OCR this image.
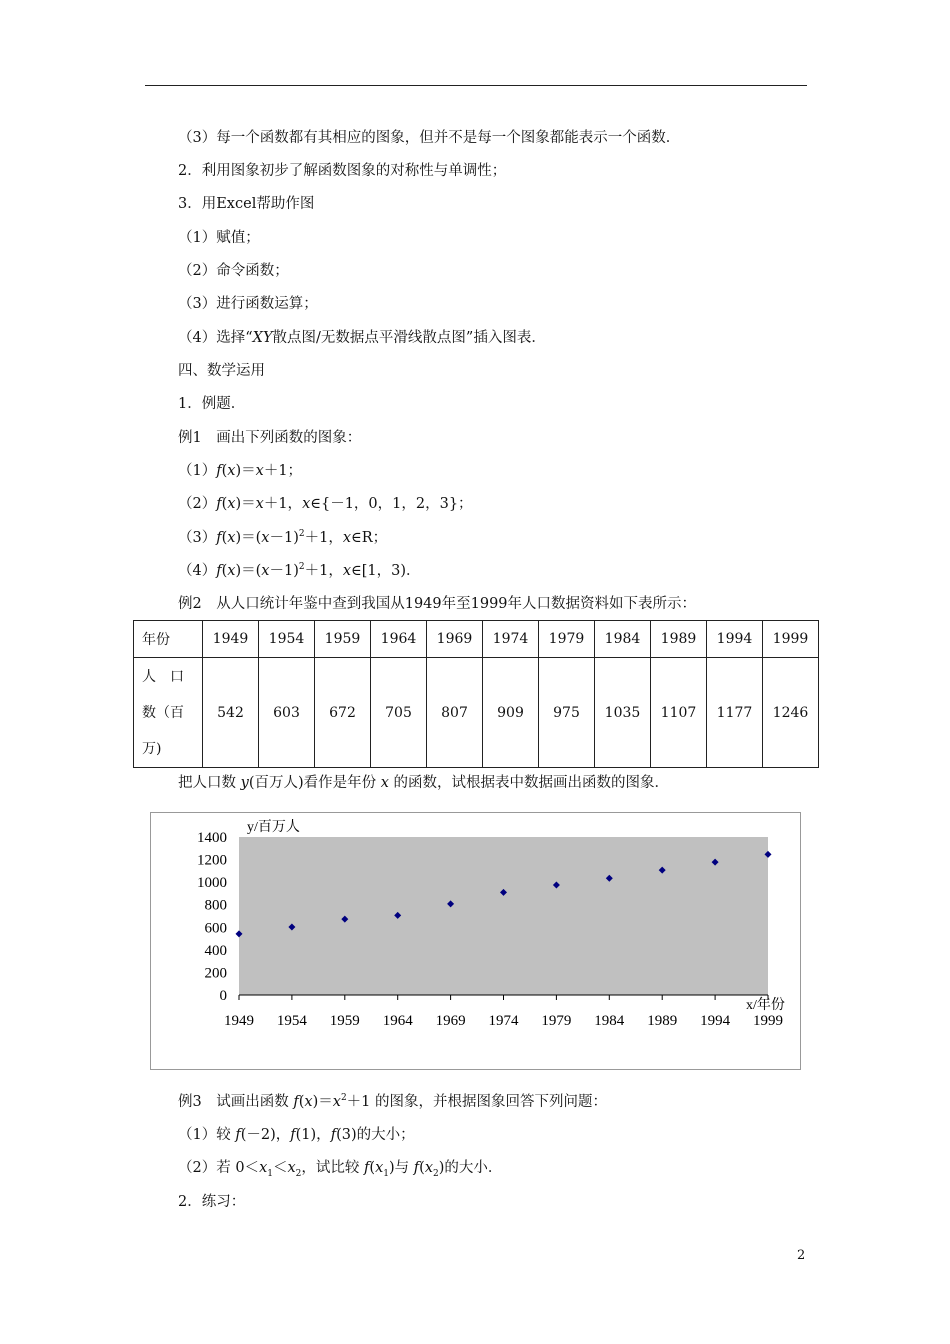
（3）每一个函数都有其相应的图象，但并不是每一个图象都能表示一个函数．
2．利用图象初步了解函数图象的对称性与单调性；
3．用Excel帮助作图
（1）赋值；
（2）命令函数；
（3）进行函数运算；
（4）选择“XY散点图/无数据点平滑线散点图”插入图表．
四、数学运用
1．例题．
例1　画出下列函数的图象：
（1）f(x)＝x＋1；
（2）f(x)＝x＋1，x∈{－1，0，1，2，3}；
$(3)f(x)=(x-1)^2+1$，x∈R；
$(4)f(x)=(x-1)^2+1$，x∈[1，3)．
例2　从人口统计年鉴中查到我国从1949年至1999年人口数据资料如下表所示：
年份	1949	1954	1959	1964	1969	1974	1979	1984	1989	1994	1999

人　口
数（百
万)	542	603	672	705	807	909	975	1035	1107	1177	1246
把人口数 y(百万人)看作是年份 x 的函数，试根据表中数据画出函数的图象．
0
200
400
600
800
1000
1200
1400
1949 1954 1959 1964 1969 1974 1979 1984 1989 1994 1999
y/百万人
x/年份
例3　试画出函数 $f(x)=x^2+1$ 的图象，并根据图象回答下列问题：
（1）较 f(－2)，f(1)，f(3)的大小；
（2）若 $0<x_1<x_2$，试比较 $f(x_1)$与 $f(x_2)$的大小．
2．练习：
2
